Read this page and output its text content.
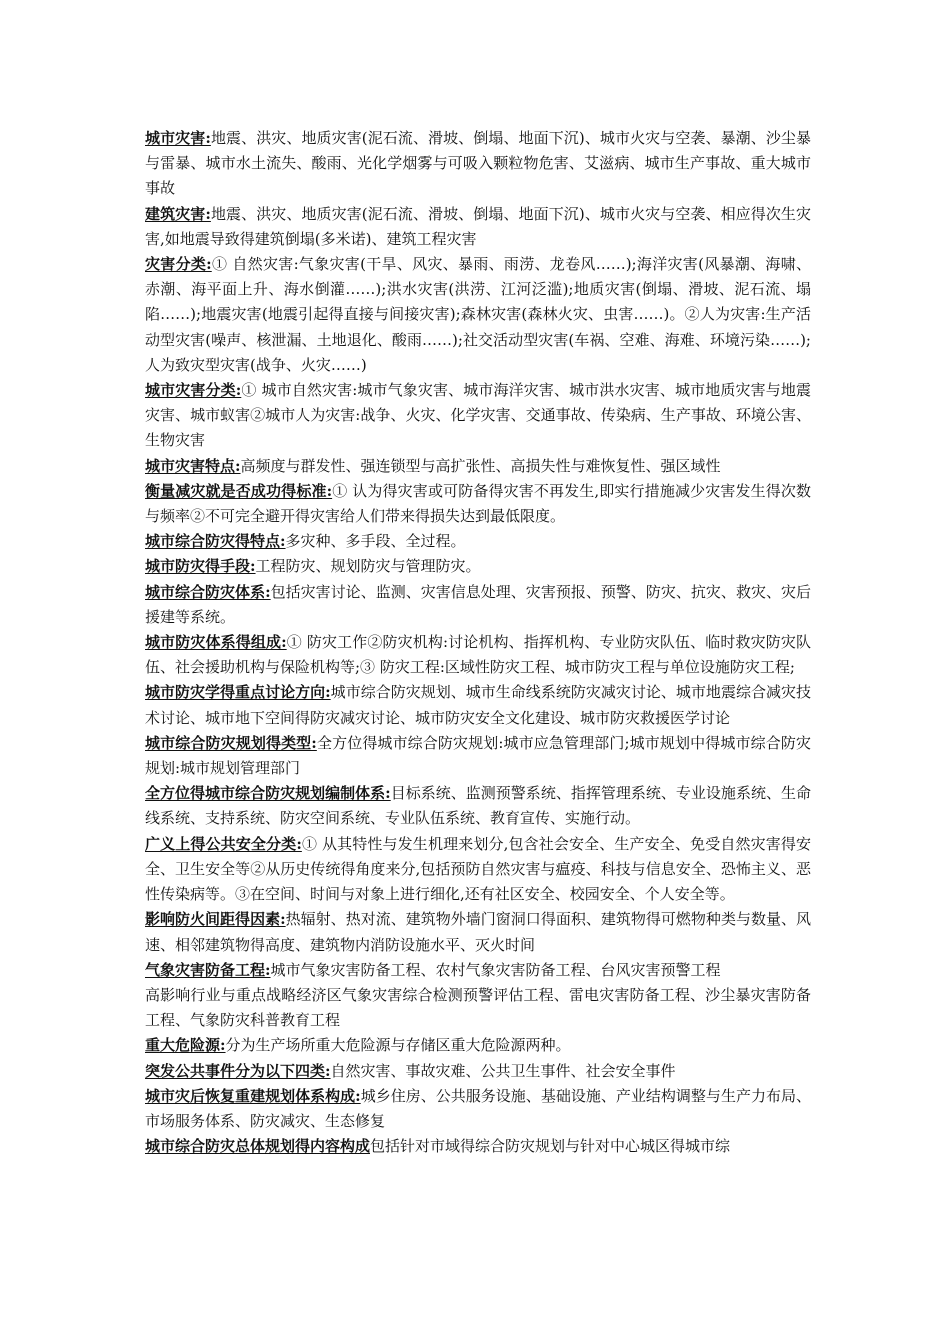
城市灾害:地震、洪灾、地质灾害(泥石流、滑坡、倒塌、地面下沉)、城市火灾与空袭、暴潮、沙尘暴与雷暴、城市水土流失、酸雨、光化学烟雾与可吸入颗粒物危害、艾滋病、城市生产事故、重大城市事故

建筑灾害:地震、洪灾、地质灾害(泥石流、滑坡、倒塌、地面下沉)、城市火灾与空袭、相应得次生灾害,如地震导致得建筑倒塌(多米诺)、建筑工程灾害

灾害分类:① 自然灾害:气象灾害(干旱、风灾、暴雨、雨涝、龙卷风……);海洋灾害(风暴潮、海啸、赤潮、海平面上升、海水倒灌……);洪水灾害(洪涝、江河泛滥);地质灾害(倒塌、滑坡、泥石流、塌陷……);地震灾害(地震引起得直接与间接灾害);森林灾害(森林火灾、虫害……)。②人为灾害:生产活动型灾害(噪声、核泄漏、土地退化、酸雨……);社交活动型灾害(车祸、空难、海难、环境污染……);人为致灾型灾害(战争、火灾……)

城市灾害分类:① 城市自然灾害:城市气象灾害、城市海洋灾害、城市洪水灾害、城市地质灾害与地震灾害、城市蚁害②城市人为灾害:战争、火灾、化学灾害、交通事故、传染病、生产事故、环境公害、生物灾害

城市灾害特点:高频度与群发性、强连锁型与高扩张性、高损失性与难恢复性、强区域性

衡量减灾就是否成功得标准:① 认为得灾害或可防备得灾害不再发生,即实行措施减少灾害发生得次数与频率②不可完全避开得灾害给人们带来得损失达到最低限度。

城市综合防灾得特点:多灾种、多手段、全过程。

城市防灾得手段:工程防灾、规划防灾与管理防灾。

城市综合防灾体系:包括灾害讨论、监测、灾害信息处理、灾害预报、预警、防灾、抗灾、救灾、灾后援建等系统。

城市防灾体系得组成:① 防灾工作②防灾机构:讨论机构、指挥机构、专业防灾队伍、临时救灾防灾队伍、社会援助机构与保险机构等;③ 防灾工程:区域性防灾工程、城市防灾工程与单位设施防灾工程;

城市防灾学得重点讨论方向:城市综合防灾规划、城市生命线系统防灾减灾讨论、城市地震综合减灾技术讨论、城市地下空间得防灾减灾讨论、城市防灾安全文化建设、城市防灾救援医学讨论

城市综合防灾规划得类型:全方位得城市综合防灾规划:城市应急管理部门;城市规划中得城市综合防灾规划:城市规划管理部门

全方位得城市综合防灾规划编制体系:目标系统、监测预警系统、指挥管理系统、专业设施系统、生命线系统、支持系统、防灾空间系统、专业队伍系统、教育宣传、实施行动。

广义上得公共安全分类:① 从其特性与发生机理来划分,包含社会安全、生产安全、免受自然灾害得安全、卫生安全等②从历史传统得角度来分,包括预防自然灾害与瘟疫、科技与信息安全、恐怖主义、恶性传染病等。③在空间、时间与对象上进行细化,还有社区安全、校园安全、个人安全等。

影响防火间距得因素:热辐射、热对流、建筑物外墙门窗洞口得面积、建筑物得可燃物种类与数量、风速、相邻建筑物得高度、建筑物内消防设施水平、灭火时间

气象灾害防备工程:城市气象灾害防备工程、农村气象灾害防备工程、台风灾害预警工程

高影响行业与重点战略经济区气象灾害综合检测预警评估工程、雷电灾害防备工程、沙尘暴灾害防备工程、气象防灾科普教育工程

重大危险源:分为生产场所重大危险源与存储区重大危险源两种。

突发公共事件分为以下四类:自然灾害、事故灾难、公共卫生事件、社会安全事件

城市灾后恢复重建规划体系构成:城乡住房、公共服务设施、基础设施、产业结构调整与生产力布局、市场服务体系、防灾减灾、生态修复

城市综合防灾总体规划得内容构成包括针对市域得综合防灾规划与针对中心城区得城市综
